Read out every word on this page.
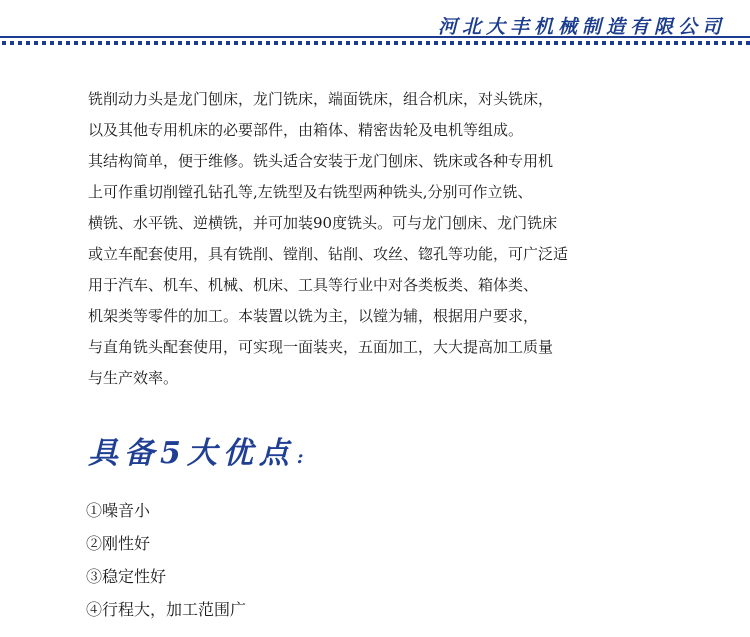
河北大丰机械制造有限公司

铣削动力头是龙门刨床，龙门铣床，端面铣床，组合机床，对头铣床，

以及其他专用机床的必要部件，由箱体、精密齿轮及电机等组成。

其结构简单，便于维修。铣头适合安装于龙门刨床、铣床或各种专用机

上可作重切削镗孔钻孔等,左铣型及右铣型两种铣头,分别可作立铣、

横铣、水平铣、逆横铣，并可加装90度铣头。可与龙门刨床、龙门铣床

或立车配套使用，具有铣削、镗削、钻削、攻丝、锪孔等功能，可广泛适

用于汽车、机车、机械、机床、工具等行业中对各类板类、箱体类、

机架类等零件的加工。本装置以铣为主，以镗为辅，根据用户要求，

与直角铣头配套使用，可实现一面装夹，五面加工，大大提高加工质量

与生产效率。

具备5大优点 :
①噪音小
②刚性好
③稳定性好
④行程大，加工范围广
